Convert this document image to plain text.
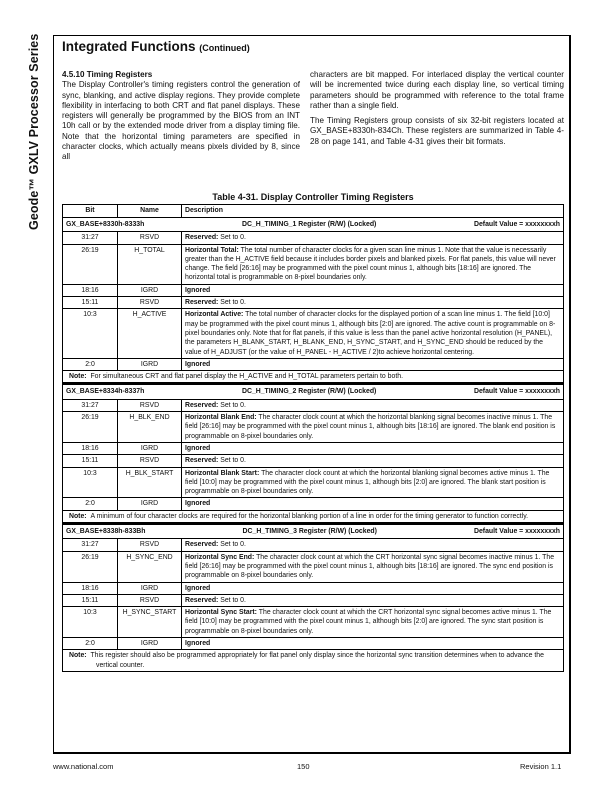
Geode™ GXLV Processor Series Integrated Functions (Continued)
4.5.10 Timing Registers

The Display Controller's timing registers control the generation of sync, blanking, and active display regions. They provide complete flexibility in interfacing to both CRT and flat panel displays. These registers will generally be programmed by the BIOS from an INT 10h call or by the extended mode driver from a display timing file. Note that the horizontal timing parameters are specified in character clocks, which actually means pixels divided by 8, since all

characters are bit mapped. For interlaced display the vertical counter will be incremented twice during each display line, so vertical timing parameters should be programmed with reference to the total frame rather than a single field.

The Timing Registers group consists of six 32-bit registers located at GX_BASE+8330h-834Ch. These registers are summarized in Table 4-28 on page 141, and Table 4-31 gives their bit formats.

Table 4-31. Display Controller Timing Registers
Bit	Name	Description

GX_BASE+8330h-8333h DC_H_TIMING_1 Register (R/W) (Locked) Default Value = xxxxxxxxh		

31:27	RSVD	Reserved: Set to 0.
26:19	H_TOTAL	Horizontal Total: The total number of character clocks for a given scan line minus 1. Note that the value is necessarily greater than the H_ACTIVE field because it includes border pixels and blanked pixels. For flat panels, this value will never change. The field [26:16] may be programmed with the pixel count minus 1, although bits [18:16] are ignored. The horizontal total is programmable on 8-pixel boundaries only.
18:16	IGRD	Ignored
15:11	RSVD	Reserved: Set to 0.
10:3	H_ACTIVE	Horizontal Active: The total number of character clocks for the displayed portion of a scan line minus 1. The field [10:0] may be programmed with the pixel count minus 1, although bits [2:0] are ignored. The active count is programmable on 8-pixel boundaries only. Note that for flat panels, if this value is less than the panel active horizontal resolution (H_PANEL), the parameters H_BLANK_START, H_BLANK_END, H_SYNC_START, and H_SYNC_END should be reduced by the value of H_ADJUST (or the value of H_PANEL - H_ACTIVE / 2)to achieve horizontal centering.
2:0	IGRD	Ignored

Note: For simultaneous CRT and flat panel display the H_ACTIVE and H_TOTAL parameters pertain to both.		

GX_BASE+8334h-8337h DC_H_TIMING_2 Register (R/W) (Locked) Default Value = xxxxxxxxh		

31:27	RSVD	Reserved: Set to 0.
26:19	H_BLK_END	Horizontal Blank End: The character clock count at which the horizontal blanking signal becomes inactive minus 1. The field [26:16] may be programmed with the pixel count minus 1, although bits [18:16] are ignored. The blank end position is programmable on 8-pixel boundaries only.
18:16	IGRD	Ignored
15:11	RSVD	Reserved: Set to 0.
10:3	H_BLK_START	Horizontal Blank Start: The character clock count at which the horizontal blanking signal becomes active minus 1. The field [10:0] may be programmed with the pixel count minus 1, although bits [2:0] are ignored. The blank start position is programmable on 8-pixel boundaries only.
2:0	IGRD	Ignored

Note: A minimum of four character clocks are required for the horizontal blanking portion of a line in order for the timing generator to function correctly.		

GX_BASE+8338h-833Bh DC_H_TIMING_3 Register (R/W) (Locked) Default Value = xxxxxxxxh		

31:27	RSVD	Reserved: Set to 0.
26:19	H_SYNC_END	Horizontal Sync End: The character clock count at which the CRT horizontal sync signal becomes inactive minus 1. The field [26:16] may be programmed with the pixel count minus 1, although bits [18:16] are ignored. The sync end position is programmable on 8-pixel boundaries only.
18:16	IGRD	Ignored
15:11	RSVD	Reserved: Set to 0.
10:3	H_SYNC_START	Horizontal Sync Start: The character clock count at which the CRT horizontal sync signal becomes active minus 1. The field [10:0] may be programmed with the pixel count minus 1, although bits [2:0] are ignored. The sync start position is programmable on 8-pixel boundaries only.
2:0	IGRD	Ignored

Note: This register should also be programmed appropriately for flat panel only display since the horizontal sync transition determines when to advance the vertical counter.		
www.national.com	150	Revision 1.1
